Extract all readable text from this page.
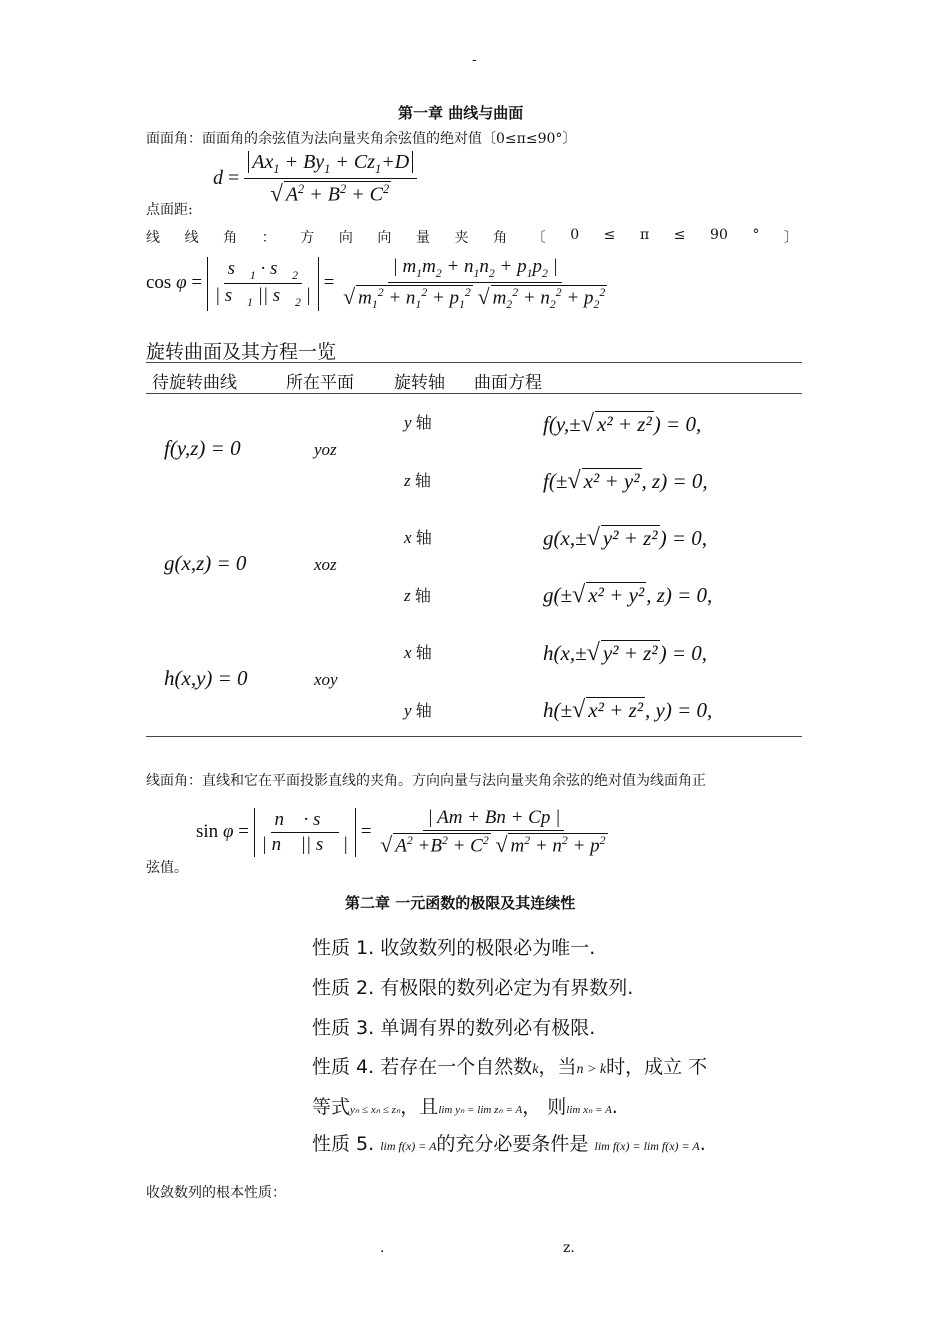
-
第一章 曲线与曲面
面面角：面面角的余弦值为法向量夹角余弦值的绝对值〔0≤π≤90°〕
$d = \frac{Ax_1 + By_1 + Cz_1+D}{√ A^2 + B^2 + C^2}$
点面距:
线 线 角 ： 方 向 向 量 夹 角 〔 0 ≤ π ≤ 90 ° 〕
$\cos \varphi = \frac{s⃗_1 \cdot s⃗_2}{| s⃗_1 || s⃗_2 |} = \frac{| m_1m_2 + n_1n_2 + p_1p_2 |}{√ m_1^2 + n_1^2 + p_1^2 √ m_2^2 + n_2^2 + p_2^2}$
旋转曲面及其方程一览
待旋转曲线	所在平面 旋转轴 曲面方程
f(y,z) = 0	yoz
y 轴	f(y,±√ x² + z²) = 0,
z 轴	f(±√ x² + y², z) = 0,
g(x,z) = 0	xoz
x 轴	g(x,±√ y² + z²) = 0,
z 轴	g(±√ x² + y², z) = 0,
h(x,y) = 0	xoy
x 轴	h(x,±√ y² + z²) = 0,
y 轴	h(±√ x² + z², y) = 0,
线面角：直线和它在平面投影直线的夹角。方向向量与法向量夹角余弦的绝对值为线面角正
$\sin \varphi = \frac{n⃗ \cdot s⃗}{| n⃗ || s⃗ |} = \frac{| Am + Bn + Cp |}{√ A^2 +B^2 + C^2 √ m^2 + n^2 + p^2}$
弦值。
第二章 一元函数的极限及其连续性
性质 1. 收敛数列的极限必为唯一.
性质 2. 有极限的数列必定为有界数列.
性质 3. 单调有界的数列必有极限.
性质 4. 若存在一个自然数k，当n > k时，成立 不
等式yₙ ≤ xₙ ≤ zₙ，且lim yₙ = lim zₙ = A， 则lim xₙ = A.
性质 5. lim f(x) = A的充分必要条件是 lim f(x) = lim f(x) = A.
收敛数列的根本性质：
.	z.
